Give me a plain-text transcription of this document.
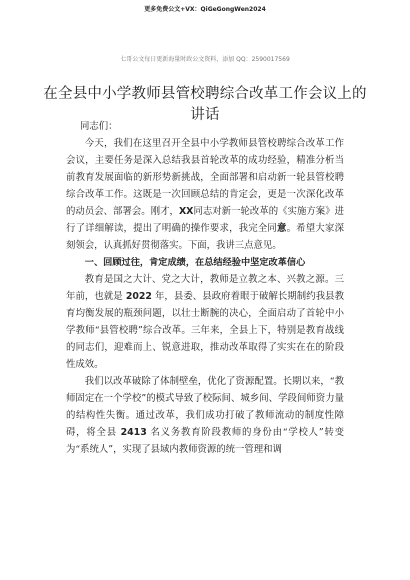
更多免费公文+VX：QiGeGongWen2024
七哥公文每日更新海量时政公文资料，添加 QQ：2590017569
在全县中小学教师县管校聘综合改革工作会议上的讲话

同志们：

今天，我们在这里召开全县中小学教师县管校聘综合改革工作会议，主要任务是深入总结我县首轮改革的成功经验，精准分析当前教育发展面临的新形势新挑战，全面部署和启动新一轮县管校聘综合改革工作。这既是一次回顾总结的肯定会，更是一次深化改革的动员会、部署会。刚才，XX同志对新一轮改革的《实施方案》进行了详细解读，提出了明确的操作要求，我完全同意。希望大家深刻领会，认真抓好贯彻落实。下面，我讲三点意见。

一、回顾过往，肯定成绩，在总结经验中坚定改革信心

教育是国之大计、党之大计，教师是立教之本、兴教之源。三年前，也就是 2022 年，县委、县政府着眼于破解长期制约我县教育均衡发展的瓶颈问题，以壮士断腕的决心，全面启动了首轮中小学教师“县管校聘”综合改革。三年来，全县上下，特别是教育战线的同志们，迎难而上、锐意进取，推动改革取得了实实在在的阶段性成效。

我们以改革破除了体制壁垒，优化了资源配置。长期以来，“教师固定在一个学校”的模式导致了校际间、城乡间、学段间师资力量的结构性失衡。通过改革，我们成功打破了教师流动的制度性障碍，将全县 2413 名义务教育阶段教师的身份由“学校人”转变为“系统人”，实现了县域内教师资源的统一管理和调
